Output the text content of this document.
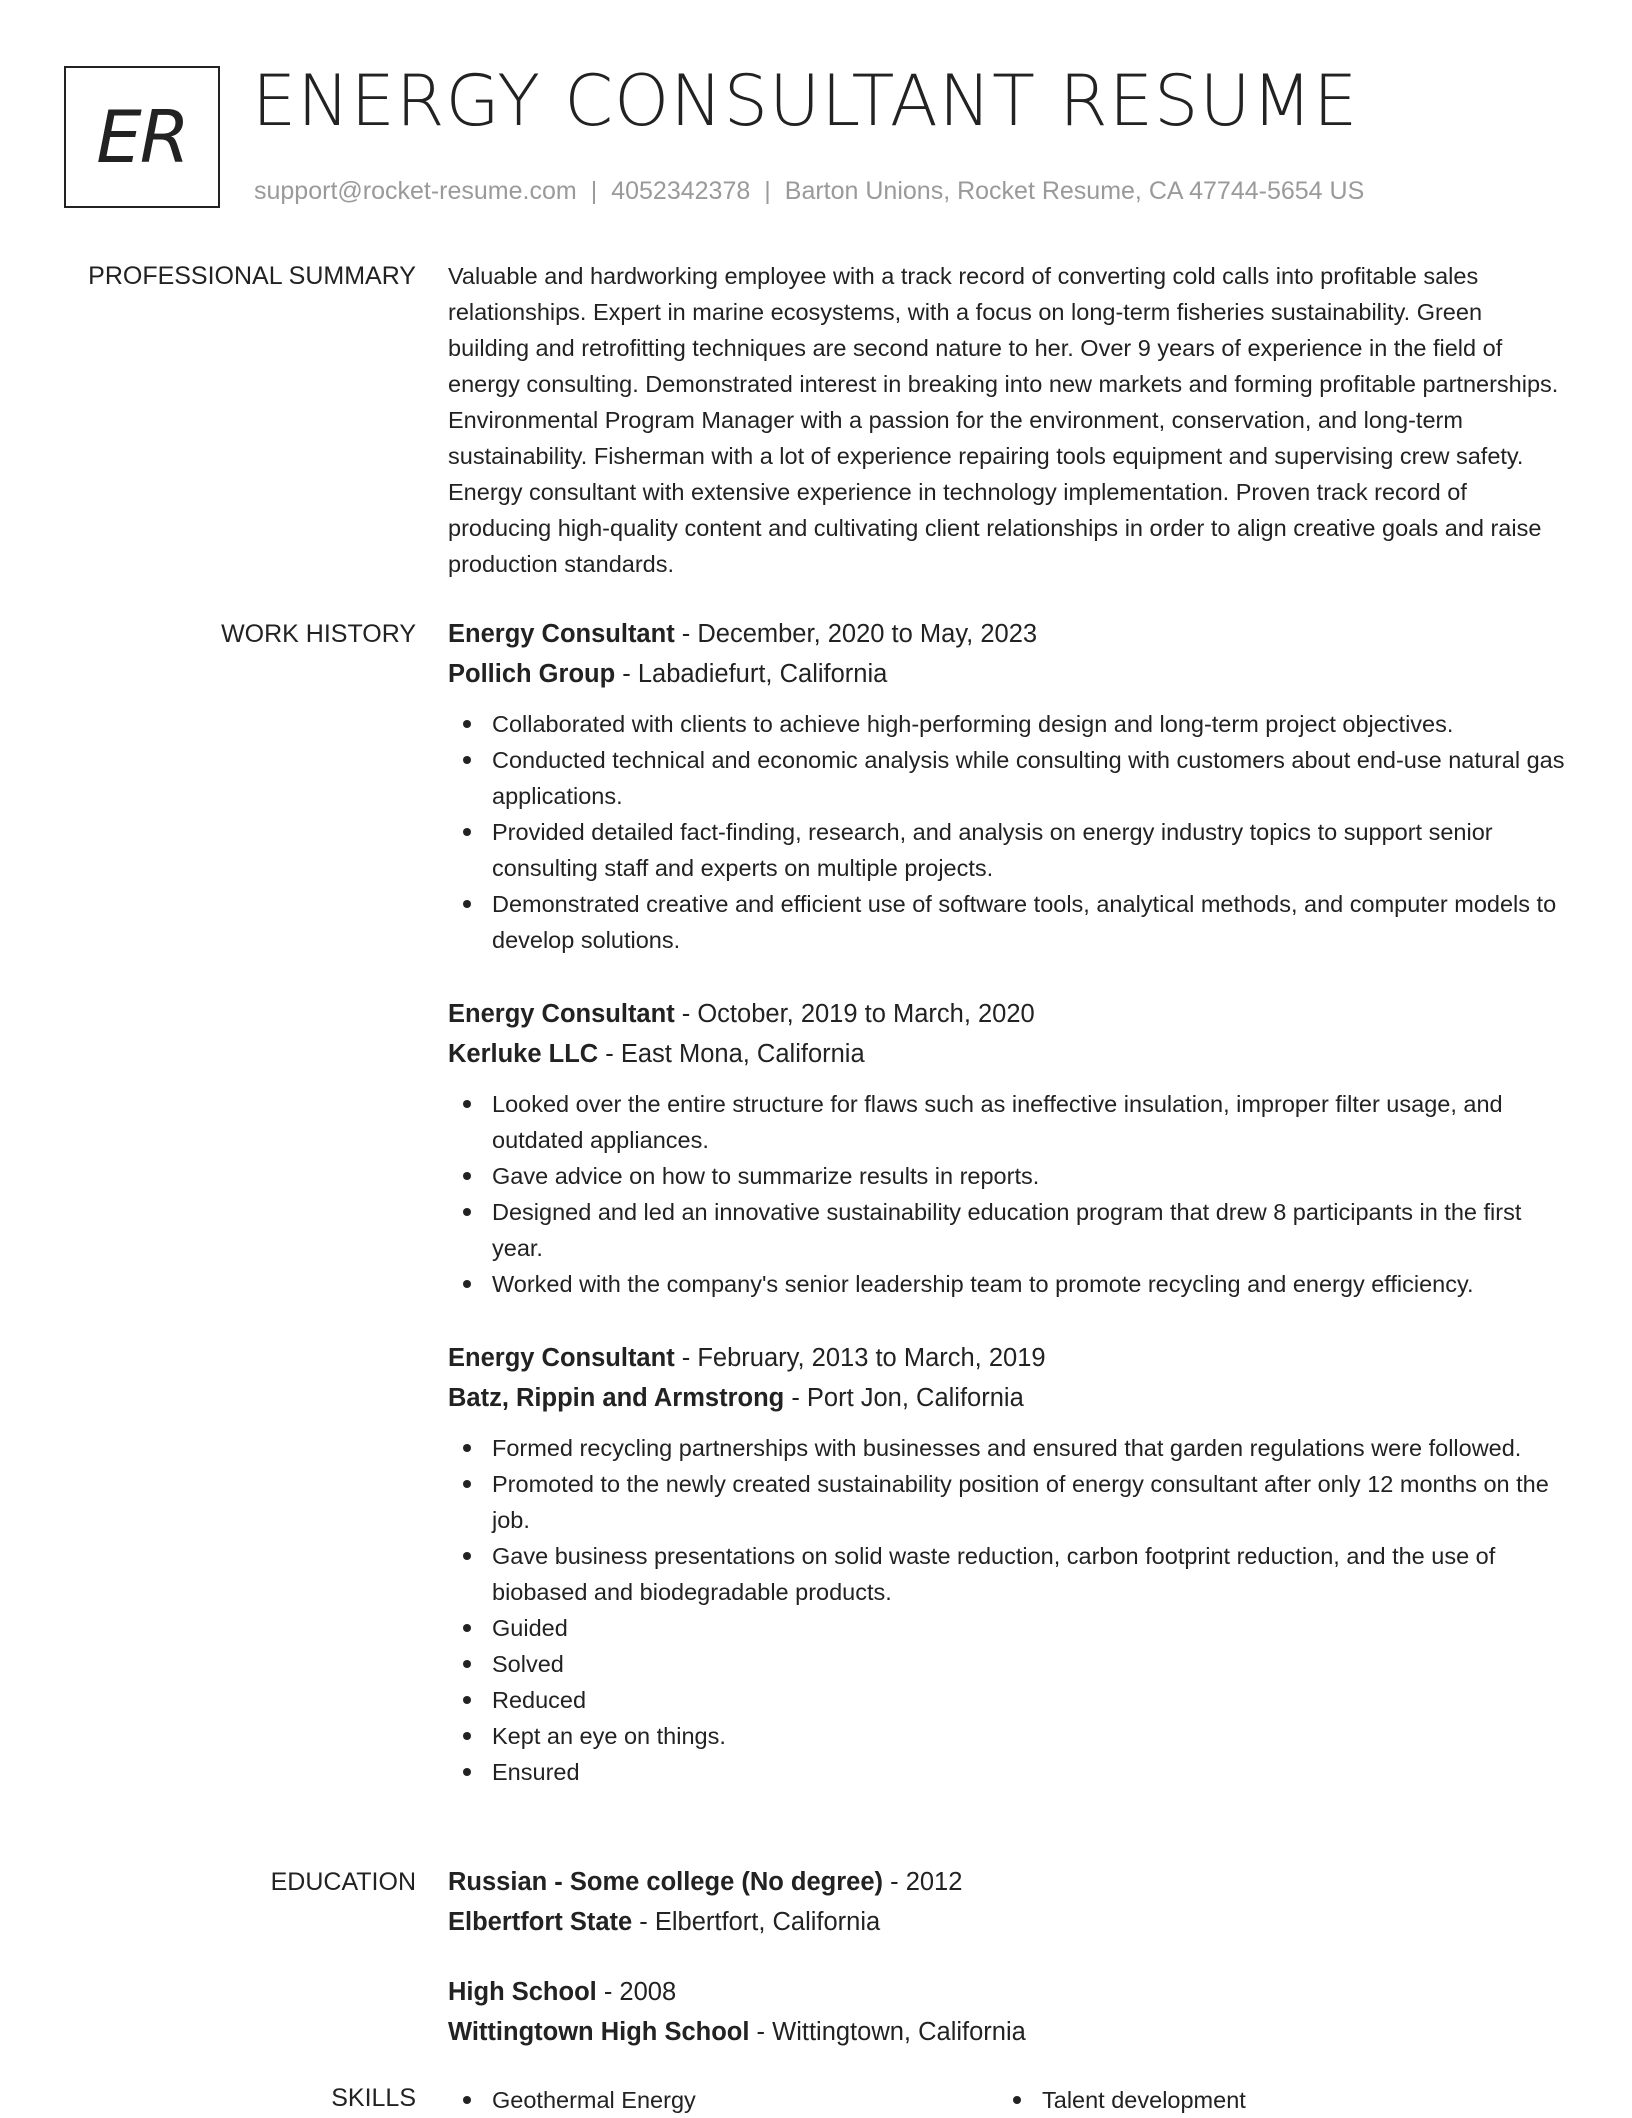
ER ENERGY CONSULTANT RESUME
support@rocket-resume.com | 4052342378 | Barton Unions, Rocket Resume, CA 47744-5654 US
PROFESSIONAL SUMMARY Valuable and hardworking employee with a track record of converting cold calls into profitable sales relationships. Expert in marine ecosystems, with a focus on long-term fisheries sustainability. Green building and retrofitting techniques are second nature to her. Over 9 years of experience in the field of energy consulting. Demonstrated interest in breaking into new markets and forming profitable partnerships. Environmental Program Manager with a passion for the environment, conservation, and long-term sustainability. Fisherman with a lot of experience repairing tools equipment and supervising crew safety. Energy consultant with extensive experience in technology implementation. Proven track record of producing high-quality content and cultivating client relationships in order to align creative goals and raise production standards.

WORK HISTORY Energy Consultant - December, 2020 to May, 2023
Pollich Group - Labadiefurt, California
Collaborated with clients to achieve high-performing design and long-term project objectives.
Conducted technical and economic analysis while consulting with customers about end-use natural gas applications.
Provided detailed fact-finding, research, and analysis on energy industry topics to support senior consulting staff and experts on multiple projects.
Demonstrated creative and efficient use of software tools, analytical methods, and computer models to develop solutions.
Energy Consultant - October, 2019 to March, 2020
Kerluke LLC - East Mona, California
Looked over the entire structure for flaws such as ineffective insulation, improper filter usage, and outdated appliances.
Gave advice on how to summarize results in reports.
Designed and led an innovative sustainability education program that drew 8 participants in the first year.
Worked with the company's senior leadership team to promote recycling and energy efficiency.
Energy Consultant - February, 2013 to March, 2019
Batz, Rippin and Armstrong - Port Jon, California
Formed recycling partnerships with businesses and ensured that garden regulations were followed.
Promoted to the newly created sustainability position of energy consultant after only 12 months on the job.
Gave business presentations on solid waste reduction, carbon footprint reduction, and the use of biobased and biodegradable products.
Guided
Solved
Reduced
Kept an eye on things.
Ensured
EDUCATION Russian - Some college (No degree) - 2012
Elbertfort State - Elbertfort, California
High School - 2008
Wittingtown High School - Wittingtown, California
SKILLS	Geothermal Energy	Talent development
